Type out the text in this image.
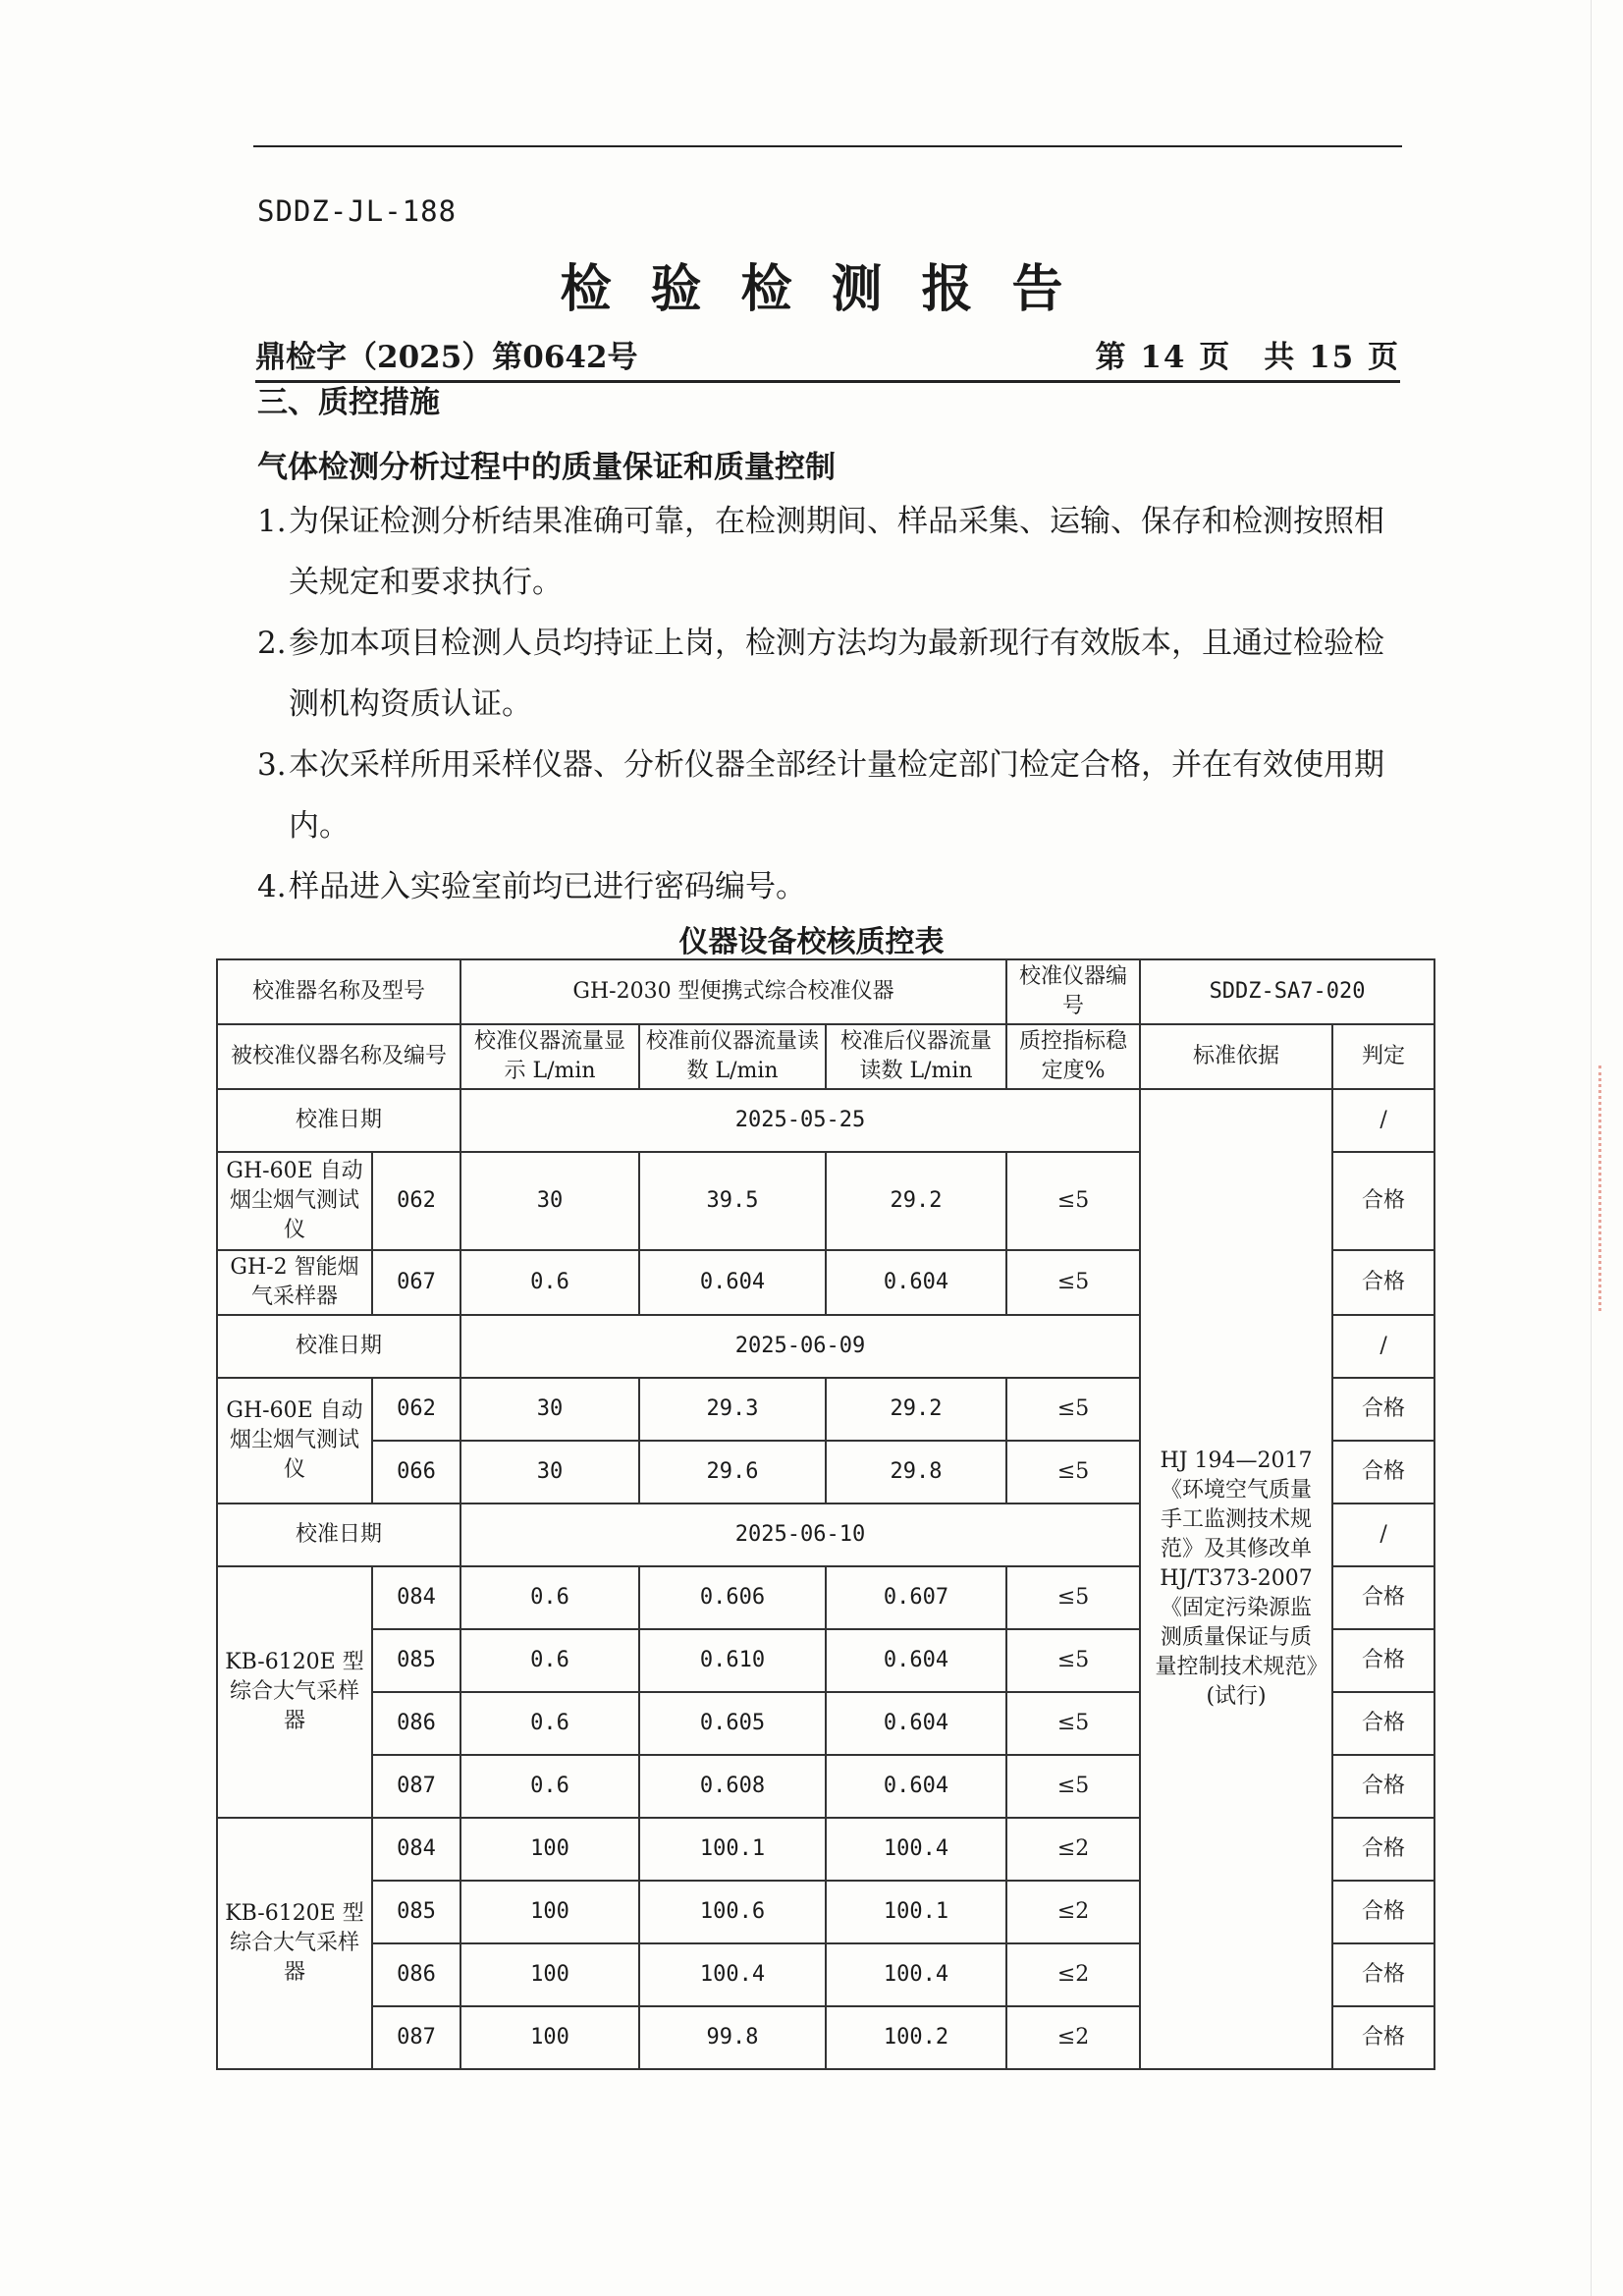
SDDZ-JL-188
检验检测报告
鼎检字（2025）第0642号	第 14 页　共 15 页
三、质控措施
气体检测分析过程中的质量保证和质量控制
1. 为保证检测分析结果准确可靠，在检测期间、样品采集、运输、保存和检测按照相关规定和要求执行。
2. 参加本项目检测人员均持证上岗，检测方法均为最新现行有效版本，且通过检验检测机构资质认证。
3. 本次采样所用采样仪器、分析仪器全部经计量检定部门检定合格，并在有效使用期内。
4. 样品进入实验室前均已进行密码编号。
仪器设备校核质控表
校准器名称及型号		GH-2030 型便携式综合校准仪器			校准仪器编号	SDDZ-SA7-020	
被校准仪器名称及编号		校准仪器流量显示 L/min	校准前仪器流量读数 L/min	校准后仪器流量读数 L/min	质控指标稳定度%	标准依据	判定
校准日期		2025-05-25				HJ 194—2017《环境空气质量手工监测技术规范》及其修改单 HJ/T373-2007《固定污染源监测质量保证与质量控制技术规范》(试行)	/
GH-60E 自动烟尘烟气测试仪	062	30	39.5	29.2	≤5		合格
GH-2 智能烟气采样器	067	0.6	0.604	0.604	≤5		合格
校准日期		2025-06-09					/
GH-60E 自动烟尘烟气测试仪	062	30	29.3	29.2	≤5		合格
	066	30	29.6	29.8	≤5		合格
校准日期		2025-06-10					/
KB-6120E 型综合大气采样器	084	0.6	0.606	0.607	≤5		合格
	085	0.6	0.610	0.604	≤5		合格
	086	0.6	0.605	0.604	≤5		合格
	087	0.6	0.608	0.604	≤5		合格
KB-6120E 型综合大气采样器	084	100	100.1	100.4	≤2		合格
	085	100	100.6	100.1	≤2		合格
	086	100	100.4	100.4	≤2		合格
	087	100	99.8	100.2	≤2		合格
